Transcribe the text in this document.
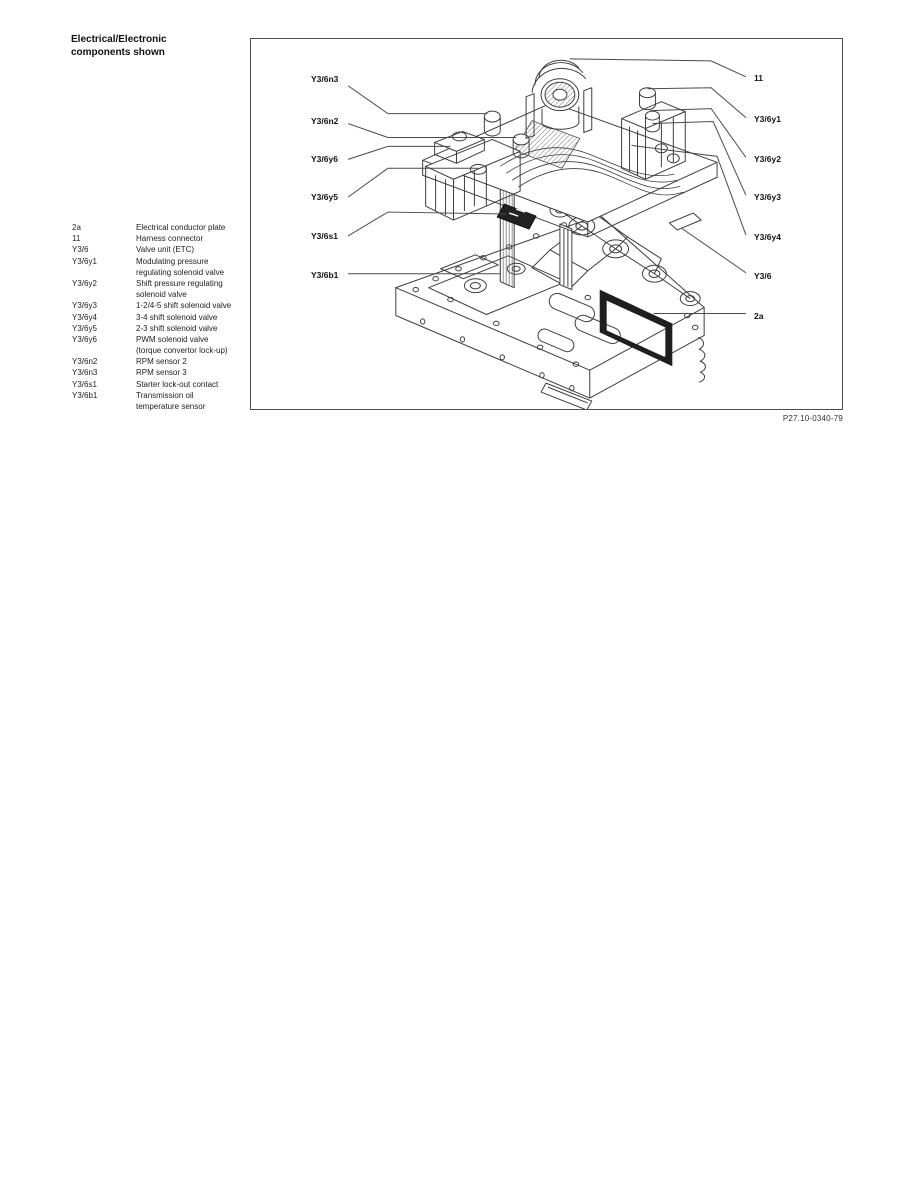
Electrical/Electronic
components shown
2a	Electrical conductor plate
11	Harness connector
Y3/6	Valve unit (ETC)
Y3/6y1	Modulating pressure
regulating solenoid valve
Y3/6y2	Shift pressure regulating
solenoid valve
Y3/6y3	1-2/4-5 shift solenoid valve
Y3/6y4	3-4 shift solenoid valve
Y3/6y5	2-3 shift solenoid valve
Y3/6y6	PWM solenoid valve
(torque convertor lock-up)
Y3/6n2	RPM sensor 2
Y3/6n3	RPM sensor 3
Y3/6s1	Starter lock-out contact
Y3/6b1	Transmission oil
temperature sensor
Y3/6n3
Y3/6n2
Y3/6y6
Y3/6y5
Y3/6s1
Y3/6b1
11
Y3/6y1
Y3/6y2
Y3/6y3
Y3/6y4
Y3/6
2a
P27.10-0340-79
